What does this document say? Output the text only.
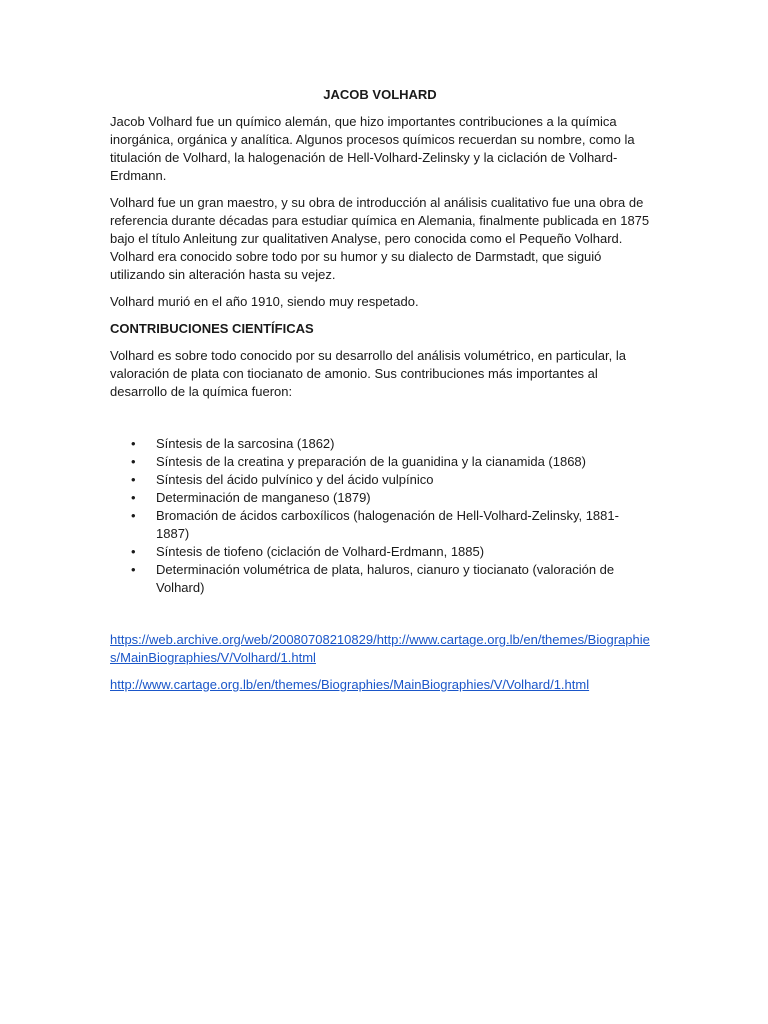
JACOB VOLHARD

Jacob Volhard fue un químico alemán, que hizo importantes contribuciones a la química inorgánica, orgánica y analítica. Algunos procesos químicos recuerdan su nombre, como la titulación de Volhard, la halogenación de Hell-Volhard-Zelinsky y la ciclación de Volhard-Erdmann.

Volhard fue un gran maestro, y su obra de introducción al análisis cualitativo fue una obra de referencia durante décadas para estudiar química en Alemania, finalmente publicada en 1875 bajo el título Anleitung zur qualitativen Analyse, pero conocida como el Pequeño Volhard. Volhard era conocido sobre todo por su humor y su dialecto de Darmstadt, que siguió utilizando sin alteración hasta su vejez.

Volhard murió en el año 1910, siendo muy respetado.

CONTRIBUCIONES CIENTÍFICAS

Volhard es sobre todo conocido por su desarrollo del análisis volumétrico, en particular, la valoración de plata con tiocianato de amonio. Sus contribuciones más importantes al desarrollo de la química fueron:

• Síntesis de la sarcosina (1862)
• Síntesis de la creatina y preparación de la guanidina y la cianamida (1868)
• Síntesis del ácido pulvínico y del ácido vulpínico
• Determinación de manganeso (1879)
• Bromación de ácidos carboxílicos (halogenación de Hell-Volhard-Zelinsky, 1881-1887)
• Síntesis de tiofeno (ciclación de Volhard-Erdmann, 1885)
• Determinación volumétrica de plata, haluros, cianuro y tiocianato (valoración de Volhard)
https://web.archive.org/web/20080708210829/http://www.cartage.org.lb/en/themes/Biographies/MainBiographies/V/Volhard/1.html
http://www.cartage.org.lb/en/themes/Biographies/MainBiographies/V/Volhard/1.html
